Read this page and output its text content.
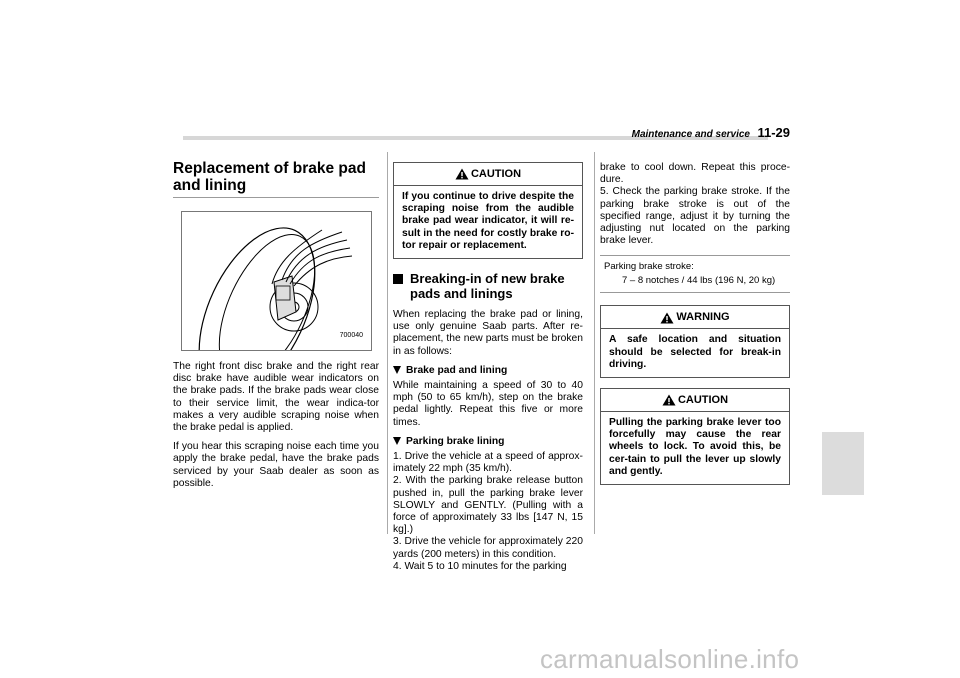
carmanualsonline.info
Maintenance and service 11-29
Replacement of brake pad and lining
700040

The right front disc brake and the right rear disc brake have audible wear indicators on the brake pads. If the brake pads wear close to their service limit, the wear indica-tor makes a very audible scraping noise when the brake pedal is applied.

If you hear this scraping noise each time you apply the brake pedal, have the brake pads serviced by your Saab dealer as soon as possible.

CAUTION
If you continue to drive despite the scraping noise from the audible brake pad wear indicator, it will re-sult in the need for costly brake ro-tor repair or replacement.
Breaking-in of new brake pads and linings

When replacing the brake pad or lining, use only genuine Saab parts. After re-placement, the new parts must be broken in as follows:

Brake pad and lining

While maintaining a speed of 30 to 40 mph (50 to 65 km/h), step on the brake pedal lightly. Repeat this five or more times.

Parking brake lining

1. Drive the vehicle at a speed of approx-imately 22 mph (35 km/h).

2. With the parking brake release button pushed in, pull the parking brake lever SLOWLY and GENTLY. (Pulling with a force of approximately 33 lbs [147 N, 15 kg].)

3. Drive the vehicle for approximately 220 yards (200 meters) in this condition.

4. Wait 5 to 10 minutes for the parking

brake to cool down. Repeat this proce-dure.

5. Check the parking brake stroke. If the parking brake stroke is out of the specified range, adjust it by turning the adjusting nut located on the parking brake lever.

Parking brake stroke:
7 – 8 notches / 44 lbs (196 N, 20 kg)
WARNING
A safe location and situation should be selected for break-in driving.
CAUTION
Pulling the parking brake lever too forcefully may cause the rear wheels to lock. To avoid this, be cer-tain to pull the lever up slowly and gently.
